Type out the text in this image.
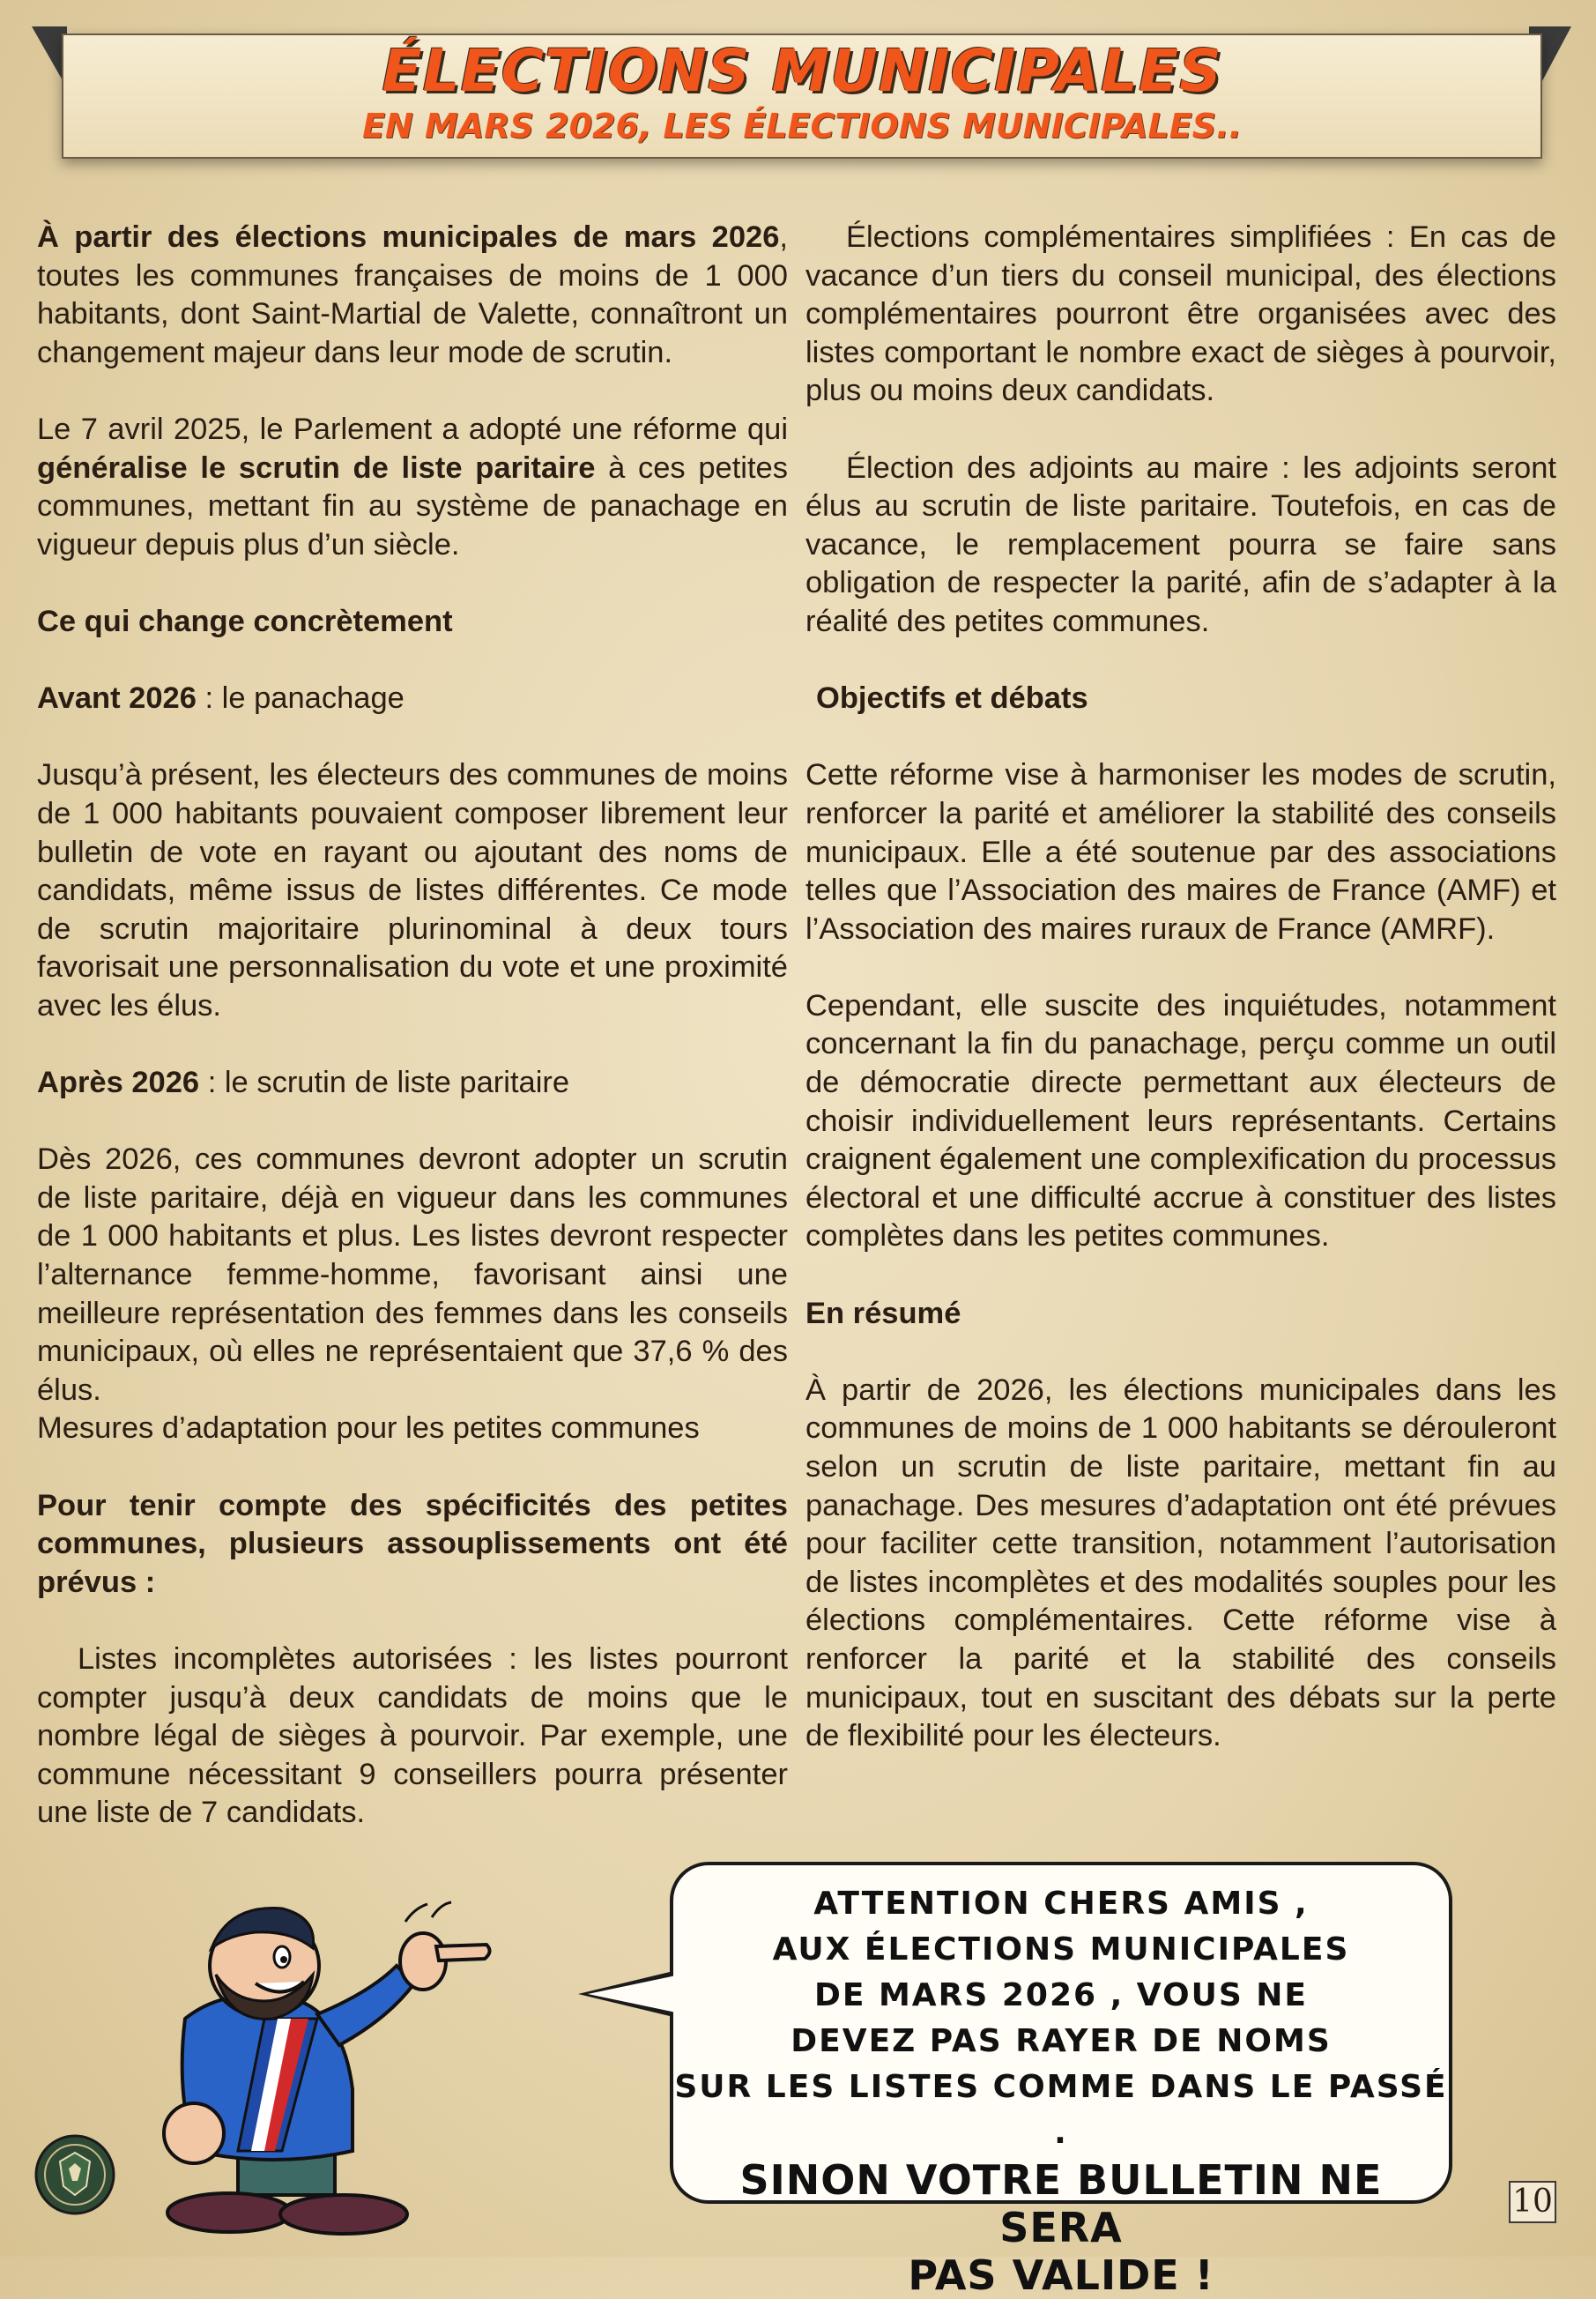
ÉLECTIONS MUNICIPALES
EN MARS 2026, LES ÉLECTIONS MUNICIPALES..

À partir des élections municipales de mars 2026, toutes les communes françaises de moins de 1 000 habitants, dont Saint-Martial de Valette, connaîtront un changement majeur dans leur mode de scrutin.

Le 7 avril 2025, le Parlement a adopté une réforme qui généralise le scrutin de liste paritaire à ces petites communes, mettant fin au système de panachage en vigueur depuis plus d’un siècle.

Ce qui change concrètement

Avant 2026 : le panachage

Jusqu’à présent, les électeurs des communes de moins de 1 000 habitants pouvaient composer librement leur bulletin de vote en rayant ou ajoutant des noms de candidats, même issus de listes différentes. Ce mode de scrutin majoritaire plurinominal à deux tours favorisait une personnalisation du vote et une proximité avec les élus.

Après 2026 : le scrutin de liste paritaire

Dès 2026, ces communes devront adopter un scrutin de liste paritaire, déjà en vigueur dans les communes de 1 000 habitants et plus. Les listes devront respecter l’alternance femme-homme, favorisant ainsi une meilleure représentation des femmes dans les conseils municipaux, où elles ne représentaient que 37,6 % des élus.

Mesures d’adaptation pour les petites communes

Pour tenir compte des spécificités des petites communes, plusieurs assouplissements ont été prévus :

Listes incomplètes autorisées : les listes pourront compter jusqu’à deux candidats de moins que le nombre légal de sièges à pourvoir. Par exemple, une commune nécessitant 9 conseillers pourra présenter une liste de 7 candidats.

Élections complémentaires simplifiées : En cas de vacance d’un tiers du conseil municipal, des élections complémentaires pourront être organisées avec des listes comportant le nombre exact de sièges à pourvoir, plus ou moins deux candidats.

Élection des adjoints au maire : les adjoints seront élus au scrutin de liste paritaire. Toutefois, en cas de vacance, le remplacement pourra se faire sans obligation de respecter la parité, afin de s’adapter à la réalité des petites communes.

Objectifs et débats

Cette réforme vise à harmoniser les modes de scrutin, renforcer la parité et améliorer la stabilité des conseils municipaux. Elle a été soutenue par des associations telles que l’Association des maires de France (AMF) et l’Association des maires ruraux de France (AMRF).

Cependant, elle suscite des inquiétudes, notamment concernant la fin du panachage, perçu comme un outil de démocratie directe permettant aux électeurs de choisir individuellement leurs représentants. Certains craignent également une complexification du processus électoral et une difficulté accrue à constituer des listes complètes dans les petites communes.

En résumé

À partir de 2026, les élections municipales dans les communes de moins de 1 000 habitants se dérouleront selon un scrutin de liste paritaire, mettant fin au panachage. Des mesures d’adaptation ont été prévues pour faciliter cette transition, notamment l’autorisation de listes incomplètes et des modalités souples pour les élections complémentaires. Cette réforme vise à renforcer la parité et la stabilité des conseils municipaux, tout en suscitant des débats sur la perte de flexibilité pour les électeurs.

ATTENTION CHERS AMIS ,
AUX ÉLECTIONS MUNICIPALES
DE MARS 2026 , VOUS NE
DEVEZ PAS RAYER DE NOMS
SUR LES LISTES COMME DANS LE PASSÉ .
SINON VOTRE BULLETIN NE SERA
PAS VALIDE !
10
